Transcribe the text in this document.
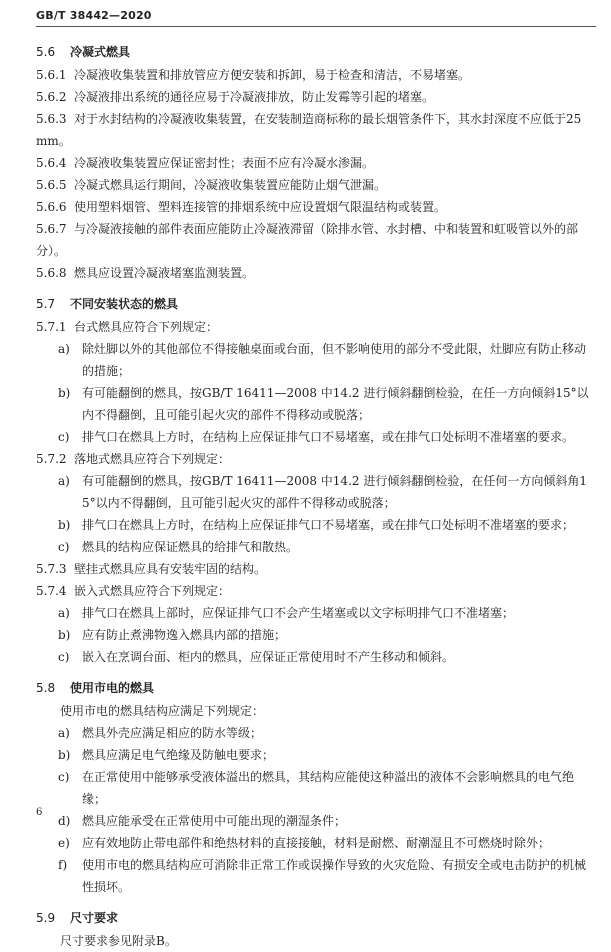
GB/T 38442—2020
5.6 冷凝式燃具
5.6.1 冷凝液收集装置和排放管应方便安装和拆卸，易于检查和清洁，不易堵塞。
5.6.2 冷凝液排出系统的通径应易于冷凝液排放，防止发霉等引起的堵塞。
5.6.3 对于水封结构的冷凝液收集装置，在安装制造商标称的最长烟管条件下，其水封深度不应低于25 mm。
5.6.4 冷凝液收集装置应保证密封性；表面不应有冷凝水渗漏。
5.6.5 冷凝式燃具运行期间，冷凝液收集装置应能防止烟气泄漏。
5.6.6 使用塑料烟管、塑料连接管的排烟系统中应设置烟气限温结构或装置。
5.6.7 与冷凝液接触的部件表面应能防止冷凝液滞留（除排水管、水封槽、中和装置和虹吸管以外的部分）。
5.6.8 燃具应设置冷凝液堵塞监测装置。
5.7 不同安装状态的燃具
5.7.1 台式燃具应符合下列规定：
a) 除灶脚以外的其他部位不得接触桌面或台面，但不影响使用的部分不受此限，灶脚应有防止移动的措施；
b) 有可能翻倒的燃具，按GB/T 16411—2008 中14.2 进行倾斜翻倒检验，在任一方向倾斜15°以内不得翻倒，且可能引起火灾的部件不得移动或脱落；
c) 排气口在燃具上方时，在结构上应保证排气口不易堵塞，或在排气口处标明不准堵塞的要求。
5.7.2 落地式燃具应符合下列规定：
a) 有可能翻倒的燃具，按GB/T 16411—2008 中14.2 进行倾斜翻倒检验，在任何一方向倾斜角15°以内不得翻倒，且可能引起火灾的部件不得移动或脱落；
b) 排气口在燃具上方时，在结构上应保证排气口不易堵塞，或在排气口处标明不准堵塞的要求；
c) 燃具的结构应保证燃具的给排气和散热。
5.7.3 壁挂式燃具应具有安装牢固的结构。
5.7.4 嵌入式燃具应符合下列规定：
a) 排气口在燃具上部时，应保证排气口不会产生堵塞或以文字标明排气口不准堵塞；
b) 应有防止煮沸物逸入燃具内部的措施；
c) 嵌入在烹调台面、柜内的燃具，应保证正常使用时不产生移动和倾斜。
5.8 使用市电的燃具
使用市电的燃具结构应满足下列规定：
a) 燃具外壳应满足相应的防水等级；
b) 燃具应满足电气绝缘及防触电要求；
c) 在正常使用中能够承受液体溢出的燃具，其结构应能使这种溢出的液体不会影响燃具的电气绝缘；
d) 燃具应能承受在正常使用中可能出现的潮湿条件；
e) 应有效地防止带电部件和绝热材料的直接接触，材料是耐燃、耐潮湿且不可燃烧时除外；
f) 使用市电的燃具结构应可消除非正常工作或误操作导致的火灾危险、有损安全或电击防护的机械性损坏。
5.9 尺寸要求
尺寸要求参见附录B。
6
